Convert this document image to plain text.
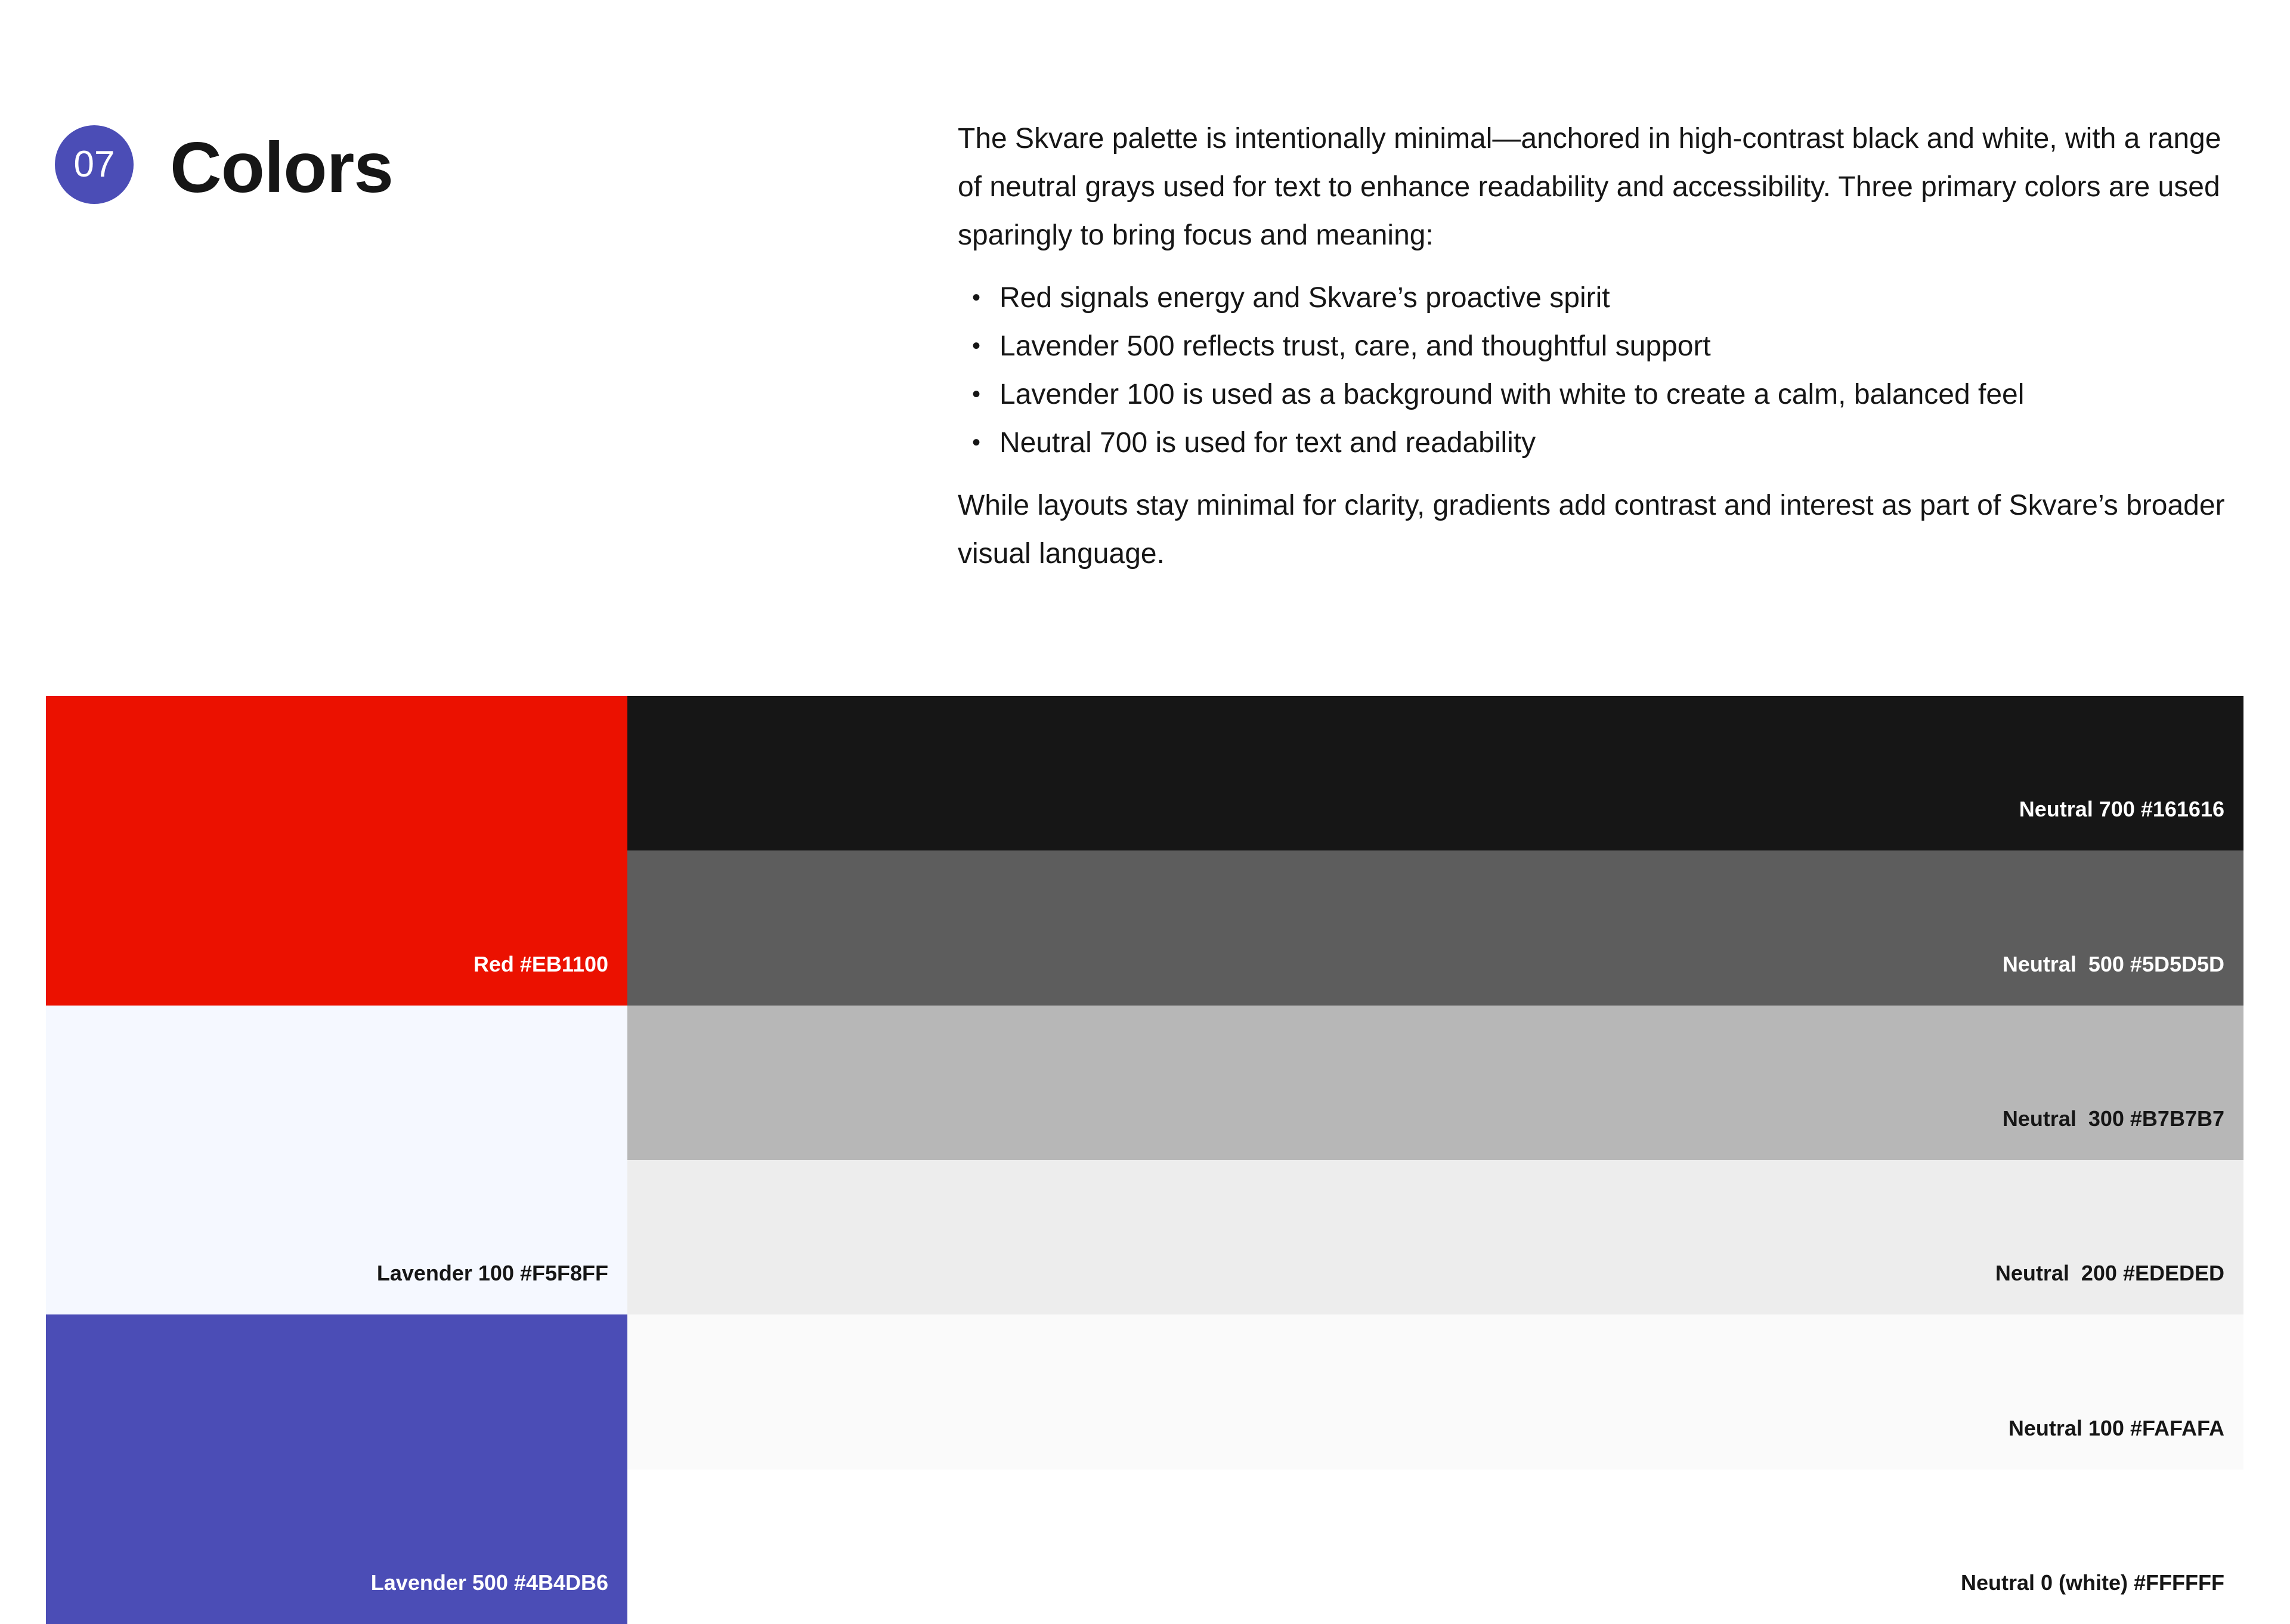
07 Colors	The Skvare palette is intentionally minimal—anchored in high-contrast black and white, with a range of neutral grays used for text to enhance readability and accessibility. Three primary colors are used sparingly to bring focus and meaning:

• Red signals energy and Skvare’s proactive spirit
• Lavender 500 reflects trust, care, and thoughtful support
• Lavender 100 is used as a background with white to create a calm, balanced feel
• Neutral 700 is used for text and readability

While layouts stay minimal for clarity, gradients add contrast and interest as part of Skvare’s broader visual language.

Red #EB1100
Lavender 100 #F5F8FF
Lavender 500 #4B4DB6
Neutral 700 #161616
Neutral  500 #5D5D5D
Neutral  300 #B7B7B7
Neutral  200 #EDEDED
Neutral 100 #FAFAFA
Neutral 0 (white) #FFFFFF
